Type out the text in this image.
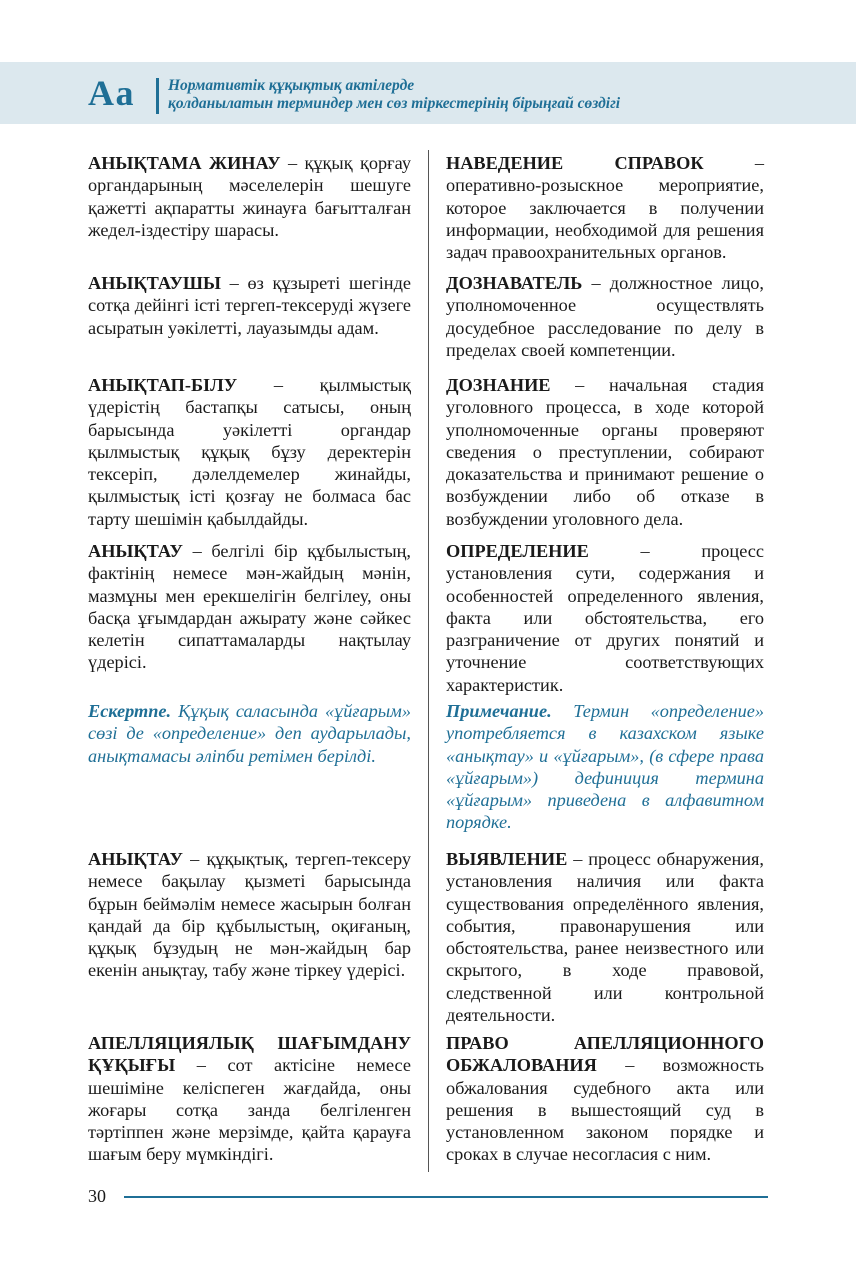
Аа Нормативтік құқықтық актілерде
қолданылатын терминдер мен сөз тіркестерінің бірыңғай сөздігі

АНЫҚТАМА ЖИНАУ – құқық қорғау органдарының мәселелерін шешуге қажетті ақпаратты жинауға бағытталған жедел-іздестіру шарасы.

АНЫҚТАУШЫ – өз құзыреті шегінде сотқа дейінгі істі тергеп-тексеруді жүзеге асыратын уәкілетті, лауазымды адам.

АНЫҚТАП-БІЛУ – қылмыстық үдерістің бастапқы сатысы, оның барысында уәкілетті органдар қылмыстық құқық бұзу деректерін тексеріп, дәлелдемелер жинайды, қылмыстық істі қозғау не болмаса бас тарту шешімін қабылдайды.

АНЫҚТАУ – белгілі бір құбылыстың, фактінің немесе мән-жайдың мәнін, мазмұны мен ерекшелігін белгілеу, оны басқа ұғымдардан ажырату және сәйкес келетін сипаттамаларды нақтылау үдерісі.

Ескертпе. Құқық саласында «ұйғарым» сөзі де «определение» деп аударылады, анықтамасы әліпби ретімен берілді.

АНЫҚТАУ – құқықтық, тергеп-тексеру немесе бақылау қызметі барысында бұрын беймәлім немесе жасырын болған қандай да бір құбылыстың, оқиғаның, құқық бұзудың не мән-жайдың бар екенін анықтау, табу және тіркеу үдерісі.

АПЕЛЛЯЦИЯЛЫҚ ШАҒЫМДАНУ ҚҰҚЫҒЫ – сот актісіне немесе шешіміне келіспеген жағдайда, оны жоғары сотқа занда белгіленген тәртіппен және мерзімде, қайта қарауға шағым беру мүмкіндігі.

НАВЕДЕНИЕ СПРАВОК – оперативно-розыскное мероприятие, которое заключается в получении информации, необходимой для решения задач правоохранительных органов.

ДОЗНАВАТЕЛЬ – должностное лицо, уполномоченное осуществлять досудебное расследование по делу в пределах своей компетенции.

ДОЗНАНИЕ – начальная стадия уголовного процесса, в ходе которой уполномоченные органы проверяют сведения о преступлении, собирают доказательства и принимают решение о возбуждении либо об отказе в возбуждении уголовного дела.

ОПРЕДЕЛЕНИЕ – процесс установления сути, содержания и особенностей определенного явления, факта или обстоятельства, его разграничение от других понятий и уточнение соответствующих характеристик.

Примечание. Термин «определение» употребляется в казахском языке «анықтау» и «ұйғарым», (в сфере права «ұйғарым») дефиниция термина «ұйғарым» приведена в алфавитном порядке.

ВЫЯВЛЕНИЕ – процесс обнаружения, установления наличия или факта существования определённого явления, события, правонарушения или обстоятельства, ранее неизвестного или скрытого, в ходе правовой, следственной или контрольной деятельности.

ПРАВО АПЕЛЛЯЦИОННОГО ОБЖАЛОВАНИЯ – возможность обжалования судебного акта или решения в вышестоящий суд в установленном законом порядке и сроках в случае несогласия с ним.

30
